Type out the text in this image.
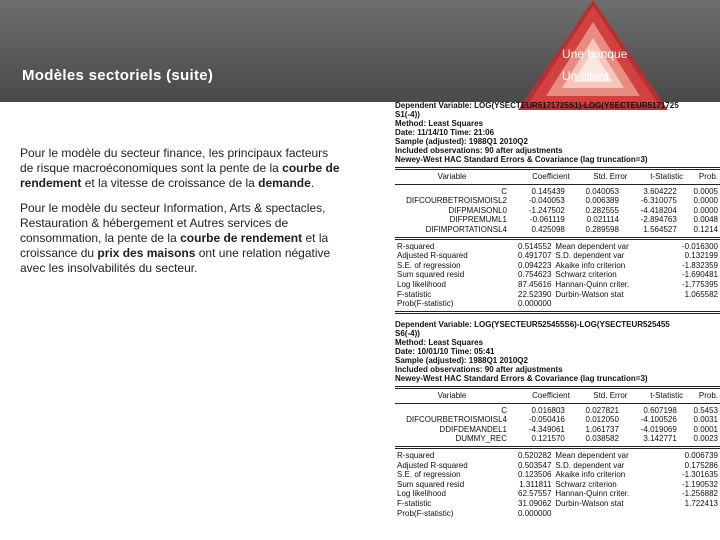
Modèles sectoriels (suite)
Une banque
Un client
Pour le modèle du secteur finance, les principaux facteurs de risque macroéconomiques sont la pente de la courbe de rendement et la vitesse de croissance de la demande.
Pour le modèle du secteur Information, Arts & spectacles, Restauration & hébergement et Autres services de consommation, la pente de la courbe de rendement et la croissance du prix des maisons ont une relation négative avec les insolvabilités du secteur.
Dependent Variable: LOG(YSECTEUR5171725S1)-LOG(YSECTEUR5171725
S1(-4))
Method: Least Squares
Date: 11/14/10 Time: 21:06
Sample (adjusted): 1988Q1 2010Q2
Included observations: 90 after adjustments
Newey-West HAC Standard Errors & Covariance (lag truncation=3)
Variable	Coefficient	Std. Error	t-Statistic	Prob.
C	0.145439	0.040053	3.604222	0.0005
DIFCOURBETROISMOISL2	-0.040053	0.006389	-6.310075	0.0000
DIFPMAISONL0	-1.247502	0.282555	-4.418204	0.0000
DIFPREMUML1	-0.061119	0.021114	-2.894763	0.0048
DIFIMPORTATIONSL4	0.425098	0.289598	1.564527	0.1214
R-squared	0.514552	Mean dependent var	-0.016300
Adjusted R-squared	0.491707	S.D. dependent var	0.132199
S.E. of regression	0.094223	Akaike info criterion	-1.832359
Sum squared resid	0.754623	Schwarz criterion	-1.690481
Log likelihood	87.45616	Hannan-Quinn criter.	-1.775395
F-statistic	22.52390	Durbin-Watson stat	1.065582
Prob(F-statistic)	0.000000		
Dependent Variable: LOG(YSECTEUR525455S6)-LOG(YSECTEUR525455
S6(-4))
Method: Least Squares
Date: 10/01/10 Time: 05:41
Sample (adjusted): 1988Q1 2010Q2
Included observations: 90 after adjustments
Newey-West HAC Standard Errors & Covariance (lag truncation=3)
Variable	Coefficient	Std. Error	t-Statistic	Prob.
C	0.016803	0.027821	0.607198	0.5453
DIFCOURBETROISMOISL4	-0.050416	0.012050	-4.100526	0.0031
DDIFDEMANDEL1	-4.349061	1.061737	-4.019069	0.0001
DUMMY_REC	0.121570	0.038582	3.142771	0.0023
R-squared	0.520282	Mean dependent var	0.006739
Adjusted R-squared	0.503547	S.D. dependent var	0.175286
S.E. of regression	0.123506	Akaike info criterion	-1.301635
Sum squared resid	1.311811	Schwarz criterion	-1.190532
Log likelihood	62.57557	Hannan-Quinn criter.	-1.256882
F-statistic	31.09062	Durbin-Watson stat	1.722413
Prob(F-statistic)	0.000000		
